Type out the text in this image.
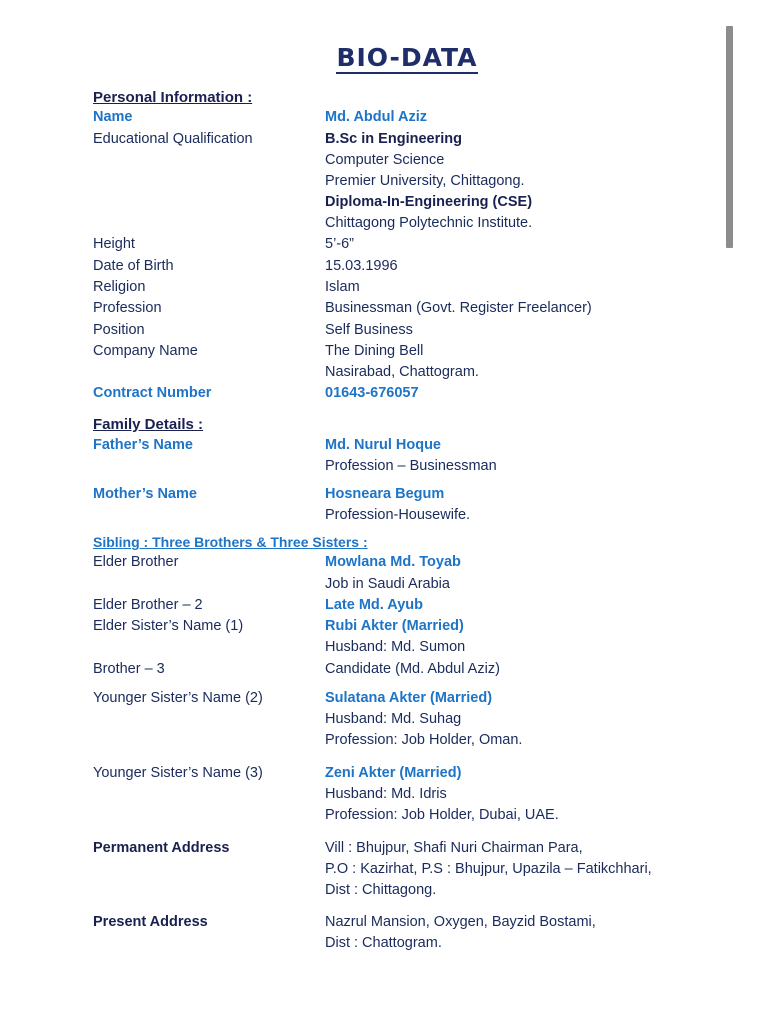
BIO-DATA
Personal Information :
Name	Md. Abdul Aziz
Educational Qualification	B.Sc in Engineering
Computer Science
Premier University, Chittagong.
Diploma-In-Engineering (CSE)
Chittagong Polytechnic Institute.
Height	5’-6”
Date of Birth	15.03.1996
Religion	Islam
Profession	Businessman (Govt. Register Freelancer)
Position	Self Business
Company Name	The Dining Bell
Nasirabad, Chattogram.
Contract Number	01643-676057
Family Details :
Father’s Name	Md. Nurul Hoque
Profession – Businessman
Mother’s Name	Hosneara Begum
Profession-Housewife.
Sibling : Three Brothers & Three Sisters :
Elder Brother	Mowlana Md. Toyab
Job in Saudi Arabia
Elder Brother – 2	Late Md. Ayub
Elder Sister’s Name (1)	Rubi Akter (Married)
Husband: Md. Sumon
Brother – 3	Candidate (Md. Abdul Aziz)
Younger Sister’s Name (2)	Sulatana Akter (Married)
Husband: Md. Suhag
Profession: Job Holder, Oman.
Younger Sister’s Name (3)	Zeni Akter (Married)
Husband: Md. Idris
Profession: Job Holder, Dubai, UAE.
Permanent Address	Vill : Bhujpur, Shafi Nuri Chairman Para,
P.O : Kazirhat, P.S : Bhujpur, Upazila – Fatikchhari,
Dist : Chittagong.
Present Address	Nazrul Mansion, Oxygen, Bayzid Bostami,
Dist : Chattogram.
